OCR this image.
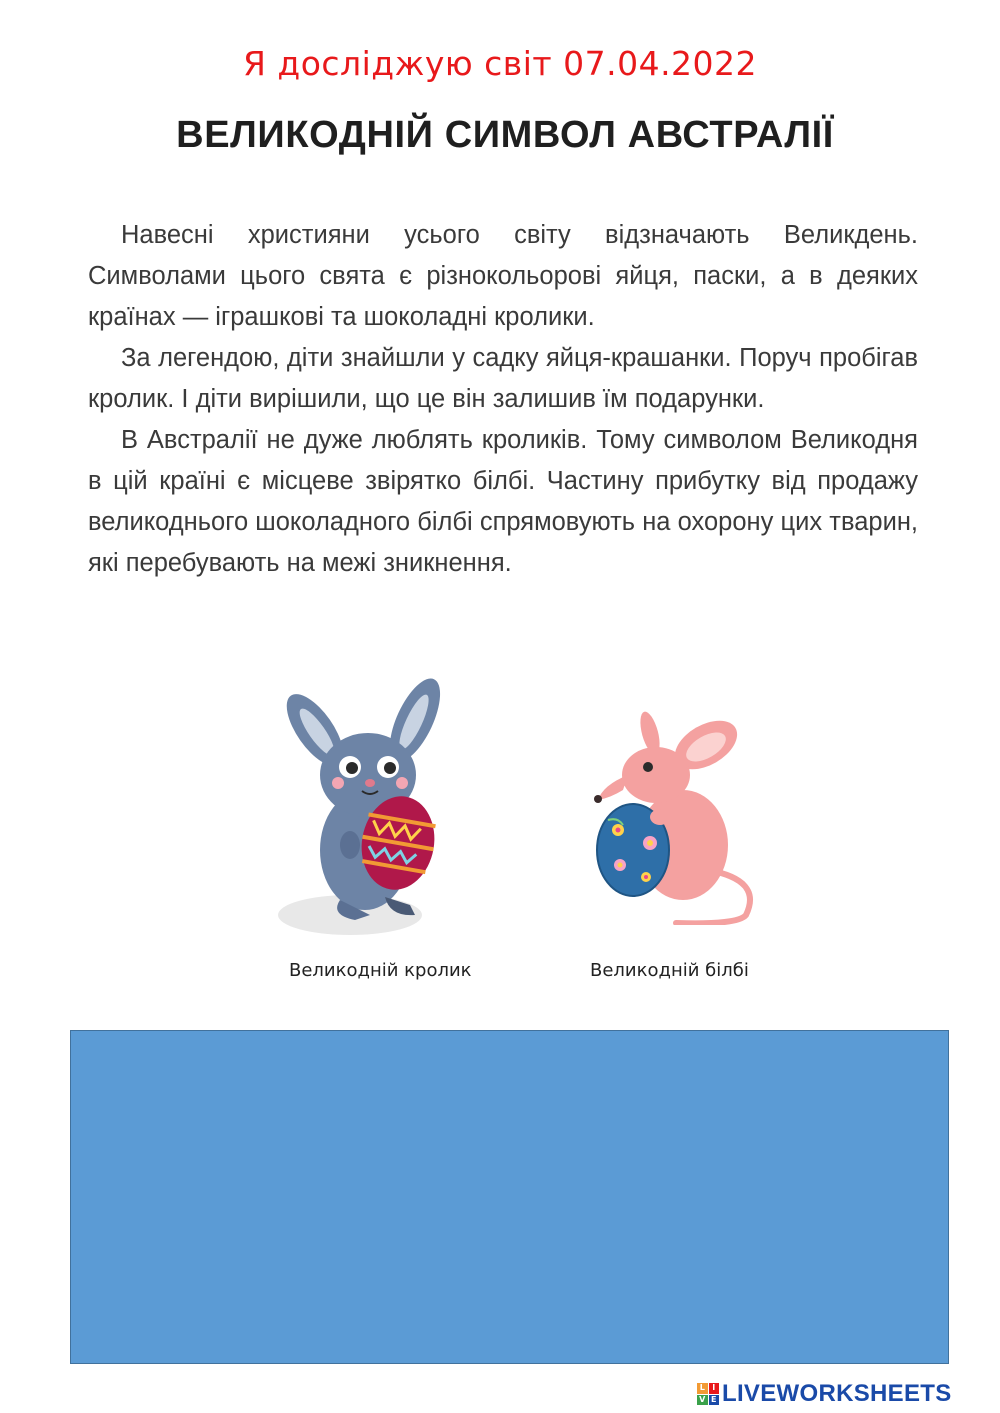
Я досліджую світ 07.04.2022
ВЕЛИКОДНІЙ СИМВОЛ АВСТРАЛІЇ

Навесні християни усього світу відзначають Великдень. Символами цього свята є різнокольорові яйця, паски, а в деяких країнах — іграшкові та шоколадні кролики.

За легендою, діти знайшли у садку яйця-крашанки. Поруч пробігав кролик. І діти вирішили, що це він залишив їм подарунки.

В Австралії не дуже люблять кроликів. Тому символом Великодня в цій країні є місцеве звірятко білбі. Частину прибутку від продажу великоднього шоколадного білбі спрямовують на охорону цих тварин, які перебувають на межі зникнення.

Великодній кролик	Великодній білбі
L I
V E LIVEWORKSHEETS
